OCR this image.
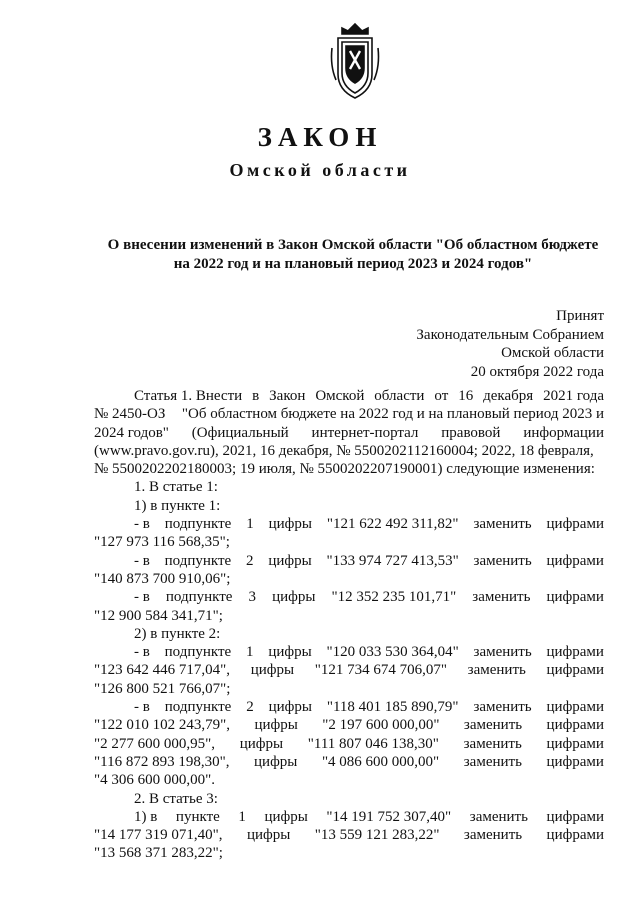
ЗАКОН
Омской области
О внесении изменений в Закон Омской области "Об областном бюджете
на 2022 год и на плановый период 2023 и 2024 годов"
Принят
Законодательным Собранием
Омской области
20 октября 2022 года
Статья 1. Внести в Закон Омской области от 16 декабря 2021 года
№ 2450-ОЗ "Об областном бюджете на 2022 год и на плановый период 2023 и
2024 годов" (Официальный интернет-портал правовой информации
(www.pravo.gov.ru), 2021, 16 декабря, № 5500202112160004; 2022, 18 февраля,
№ 5500202202180003; 19 июля, № 5500202207190001) следующие изменения:
1. В статье 1:
1) в пункте 1:
- в подпункте 1 цифры "121 622 492 311,82" заменить цифрами
"127 973 116 568,35";
- в подпункте 2 цифры "133 974 727 413,53" заменить цифрами
"140 873 700 910,06";
- в подпункте 3 цифры "12 352 235 101,71" заменить цифрами
"12 900 584 341,71";
2) в пункте 2:
- в подпункте 1 цифры "120 033 530 364,04" заменить цифрами
"123 642 446 717,04", цифры "121 734 674 706,07" заменить цифрами
"126 800 521 766,07";
- в подпункте 2 цифры "118 401 185 890,79" заменить цифрами
"122 010 102 243,79", цифры "2 197 600 000,00" заменить цифрами
"2 277 600 000,95", цифры "111 807 046 138,30" заменить цифрами
"116 872 893 198,30", цифры "4 086 600 000,00" заменить цифрами
"4 306 600 000,00".
2. В статье 3:
1) в пункте 1 цифры "14 191 752 307,40" заменить цифрами
"14 177 319 071,40", цифры "13 559 121 283,22" заменить цифрами
"13 568 371 283,22";
